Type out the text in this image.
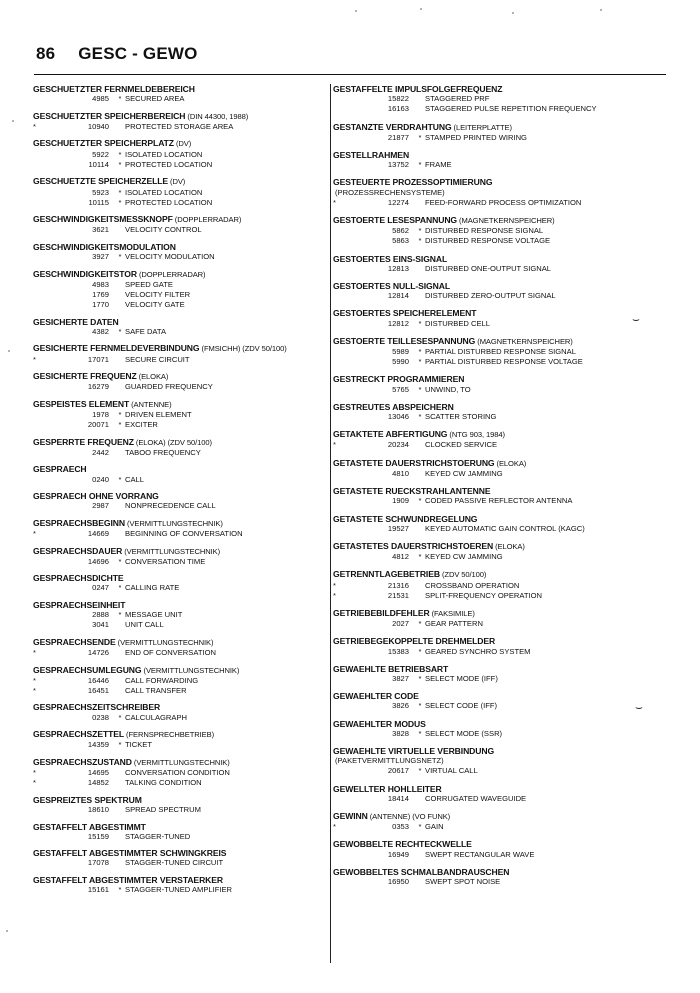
86 GESC - GEWO
GESCHUETZTER FERNMELDEBEREICH
4985	* SECURED AREA
GESCHUETZTER SPEICHERBEREICH (DIN 44300, 1988)
*	10940 PROTECTED STORAGE AREA
GESCHUETZTER SPEICHERPLATZ (DV)
5922	* ISOLATED LOCATION
10114	* PROTECTED LOCATION
GESCHUETZTE SPEICHERZELLE (DV)
5923	* ISOLATED LOCATION
10115	* PROTECTED LOCATION
GESCHWINDIGKEITSMESSKNOPF (DOPPLERRADAR)
3621 VELOCITY CONTROL
GESCHWINDIGKEITSMODULATION
3927	* VELOCITY MODULATION
GESCHWINDIGKEITSTOR (DOPPLERRADAR)
4983 SPEED GATE
1769 VELOCITY FILTER
1770 VELOCITY GATE
GESICHERTE DATEN
4382	* SAFE DATA
GESICHERTE FERNMELDEVERBINDUNG (FMSICHH) (ZDV 50/100)
*	17071 SECURE CIRCUIT
GESICHERTE FREQUENZ (ELOKA)
16279 GUARDED FREQUENCY
GESPEISTES ELEMENT (ANTENNE)
1978	* DRIVEN ELEMENT
20071	* EXCITER
GESPERRTE FREQUENZ (ELOKA) (ZDV 50/100)
2442 TABOO FREQUENCY
GESPRAECH
0240	* CALL
GESPRAECH OHNE VORRANG
2987 NONPRECEDENCE CALL
GESPRAECHSBEGINN (VERMITTLUNGSTECHNIK)
*	14669 BEGINNING OF CONVERSATION
GESPRAECHSDAUER (VERMITTLUNGSTECHNIK)
14696	* CONVERSATION TIME
GESPRAECHSDICHTE
0247	* CALLING RATE
GESPRAECHSEINHEIT
2888	* MESSAGE UNIT
3041 UNIT CALL
GESPRAECHSENDE (VERMITTLUNGSTECHNIK)
*	14726 END OF CONVERSATION
GESPRAECHSUMLEGUNG (VERMITTLUNGSTECHNIK)
*	16446 CALL FORWARDING
*	16451 CALL TRANSFER
GESPRAECHSZEITSCHREIBER
0238	* CALCULAGRAPH
GESPRAECHSZETTEL (FERNSPRECHBETRIEB)
14359	* TICKET
GESPRAECHSZUSTAND (VERMITTLUNGSTECHNIK)
*	14695 CONVERSATION CONDITION
*	14852 TALKING CONDITION
GESPREIZTES SPEKTRUM
18610 SPREAD SPECTRUM
GESTAFFELT ABGESTIMMT
15159 STAGGER-TUNED
GESTAFFELT ABGESTIMMTER SCHWINGKREIS
17078 STAGGER-TUNED CIRCUIT
GESTAFFELT ABGESTIMMTER VERSTAERKER
15161	* STAGGER-TUNED AMPLIFIER
GESTAFFELTE IMPULSFOLGEFREQUENZ
15822 STAGGERED PRF
16163 STAGGERED PULSE REPETITION FREQUENCY
GESTANZTE VERDRAHTUNG (LEITERPLATTE)
21877	* STAMPED PRINTED WIRING
GESTELLRAHMEN
13752	* FRAME
GESTEUERTE PROZESSOPTIMIERUNG
(PROZESSRECHENSYSTEME)
*	12274 FEED-FORWARD PROCESS OPTIMIZATION
GESTOERTE LESESPANNUNG (MAGNETKERNSPEICHER)
5862	* DISTURBED RESPONSE SIGNAL
5863	* DISTURBED RESPONSE VOLTAGE
GESTOERTES EINS-SIGNAL
12813 DISTURBED ONE-OUTPUT SIGNAL
GESTOERTES NULL-SIGNAL
12814 DISTURBED ZERO-OUTPUT SIGNAL
GESTOERTES SPEICHERELEMENT
12812	* DISTURBED CELL
GESTOERTE TEILLESESPANNUNG (MAGNETKERNSPEICHER)
5989	* PARTIAL DISTURBED RESPONSE SIGNAL
5990	* PARTIAL DISTURBED RESPONSE VOLTAGE
GESTRECKT PROGRAMMIEREN
5765	* UNWIND, TO
GESTREUTES ABSPEICHERN
13046	* SCATTER STORING
GETAKTETE ABFERTIGUNG (NTG 903, 1984)
*	20234 CLOCKED SERVICE
GETASTETE DAUERSTRICHSTOERUNG (ELOKA)
4810 KEYED CW JAMMING
GETASTETE RUECKSTRAHLANTENNE
1909	* CODED PASSIVE REFLECTOR ANTENNA
GETASTETE SCHWUNDREGELUNG
19527 KEYED AUTOMATIC GAIN CONTROL (KAGC)
GETASTETES DAUERSTRICHSTOEREN (ELOKA)
4812	* KEYED CW JAMMING
GETRENNTLAGEBETRIEB (ZDV 50/100)
*	21316 CROSSBAND OPERATION
*	21531 SPLIT-FREQUENCY OPERATION
GETRIEBEBILDFEHLER (FAKSIMILE)
2027	* GEAR PATTERN
GETRIEBEGEKOPPELTE DREHMELDER
15383	* GEARED SYNCHRO SYSTEM
GEWAEHLTE BETRIEBSART
3827	* SELECT MODE (IFF)
GEWAEHLTER CODE
3826	* SELECT CODE (IFF)
GEWAEHLTER MODUS
3828	* SELECT MODE (SSR)
GEWAEHLTE VIRTUELLE VERBINDUNG
(PAKETVERMITTLUNGSNETZ)
20617	* VIRTUAL CALL
GEWELLTER HOHLLEITER
18414 CORRUGATED WAVEGUIDE
GEWINN (ANTENNE) (VO FUNK)
*	0353	* GAIN
GEWOBBELTE RECHTECKWELLE
16949 SWEPT RECTANGULAR WAVE
GEWOBBELTES SCHMALBANDRAUSCHEN
16950 SWEPT SPOT NOISE
⌣
⌣
